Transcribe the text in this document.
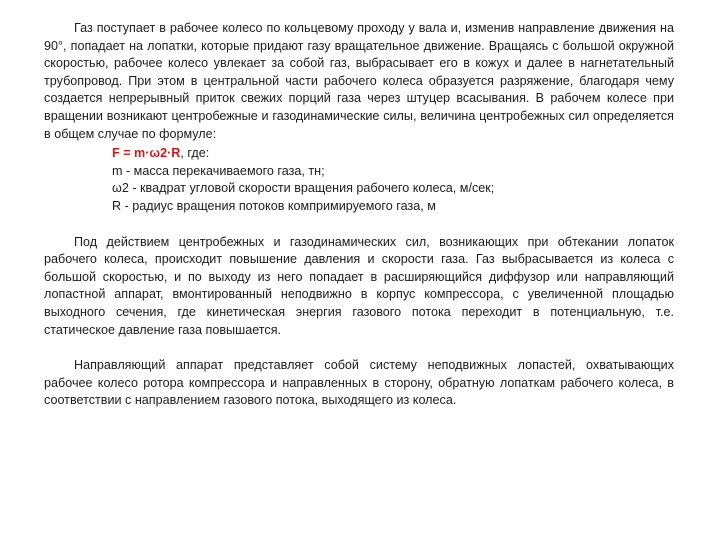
Газ поступает в рабочее колесо по кольцевому проходу у вала и, изменив направление движения на 90°, попадает на лопатки, которые придают газу вращательное движение. Вращаясь с большой окружной скоростью, рабочее колесо увлекает за собой газ, выбрасывает его в кожух и далее в нагнетательный трубопровод. При этом в центральной части рабочего колеса образуется разряжение, благодаря чему создается непрерывный приток свежих порций газа через штуцер всасывания. В рабочем колесе при вращении возникают центробежные и газодинамические силы, величина центробежных сил определяется в общем случае по формуле:

F = m·ω2·R, где:
m - масса перекачиваемого газа, тн;
ω2 - квадрат угловой скорости вращения рабочего колеса, м/сек;
R - радиус вращения потоков компримируемого газа, м

Под действием центробежных и газодинамических сил, возникающих при обтекании лопаток рабочего колеса, происходит повышение давления и скорости газа. Газ выбрасывается из колеса с большой скоростью, и по выходу из него попадает в расширяющийся диффузор или направляющий лопастной аппарат, вмонтированный неподвижно в корпус компрессора, с увеличенной площадью выходного сечения, где кинетическая энергия газового потока переходит в потенциальную, т.е. статическое давление газа повышается.

Направляющий аппарат представляет собой систему неподвижных лопастей, охватывающих рабочее колесо ротора компрессора и направленных в сторону, обратную лопаткам рабочего колеса, в соответствии с направлением газового потока, выходящего из колеса.
